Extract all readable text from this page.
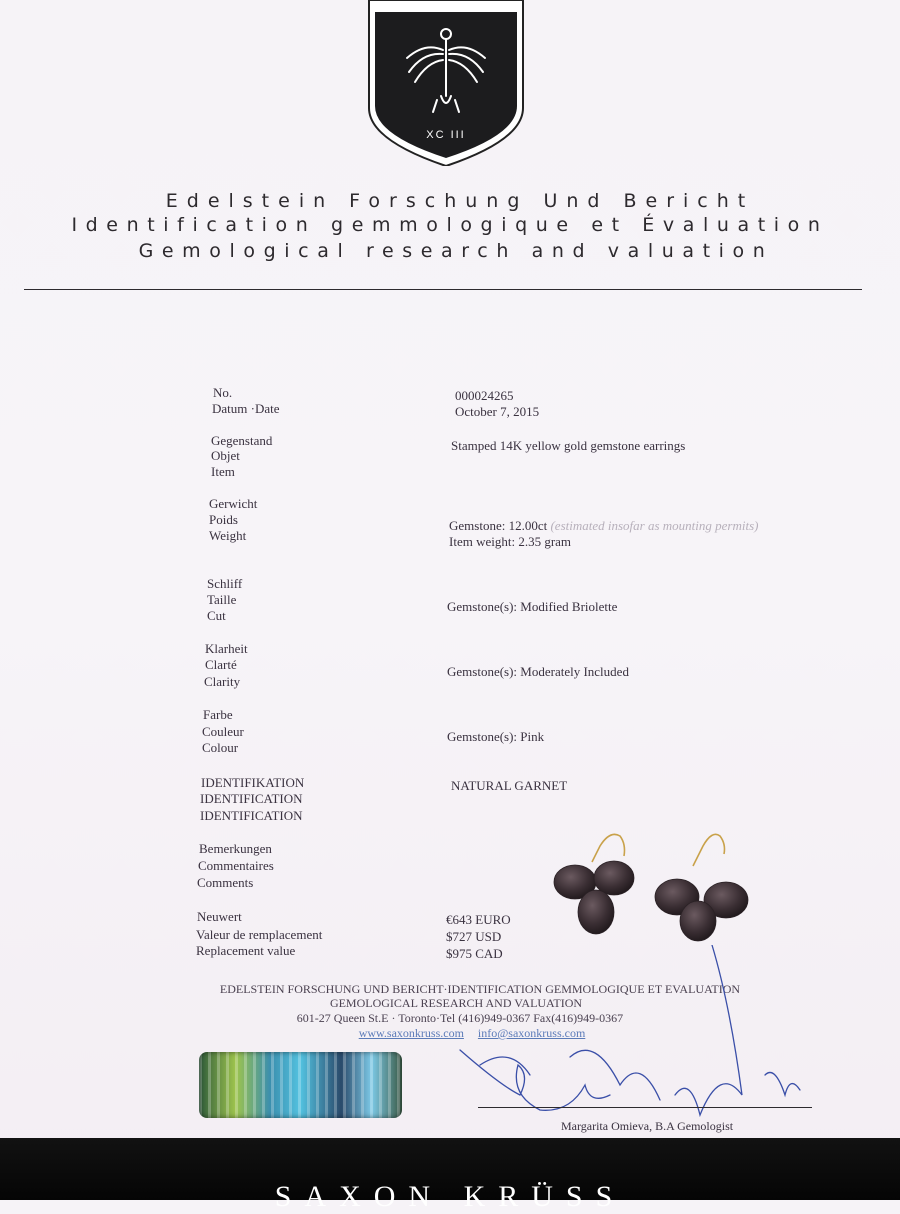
XC III
Edelstein Forschung Und Bericht
Identification gemmologique et Évaluation
Gemological research and valuation
No.
Datum ·Date
000024265
October 7, 2015
Gegenstand
Objet
Item
Stamped 14K yellow gold gemstone earrings
Gerwicht
Poids
Weight
Gemstone: 12.00ct (estimated insofar as mounting permits)
Item weight: 2.35 gram
Schliff
Taille
Cut
Gemstone(s): Modified Briolette
Klarheit
Clarté
Clarity
Gemstone(s): Moderately Included
Farbe
Couleur
Colour
Gemstone(s): Pink
IDENTIFIKATION
IDENTIFICATION
IDENTIFICATION
NATURAL GARNET
Bemerkungen
Commentaires
Comments
Neuwert
Valeur de remplacement
Replacement value
€643 EURO
$727 USD
$975 CAD
EDELSTEIN FORSCHUNG UND BERICHT·IDENTIFICATION GEMMOLOGIQUE ET EVALUATION
GEMOLOGICAL RESEARCH AND VALUATION
601-27 Queen St.E · Toronto·Tel (416)949-0367 Fax(416)949-0367
www.saxonkruss.com info@saxonkruss.com
Margarita Omieva, B.A Gemologist
SAXON KRÜSS
